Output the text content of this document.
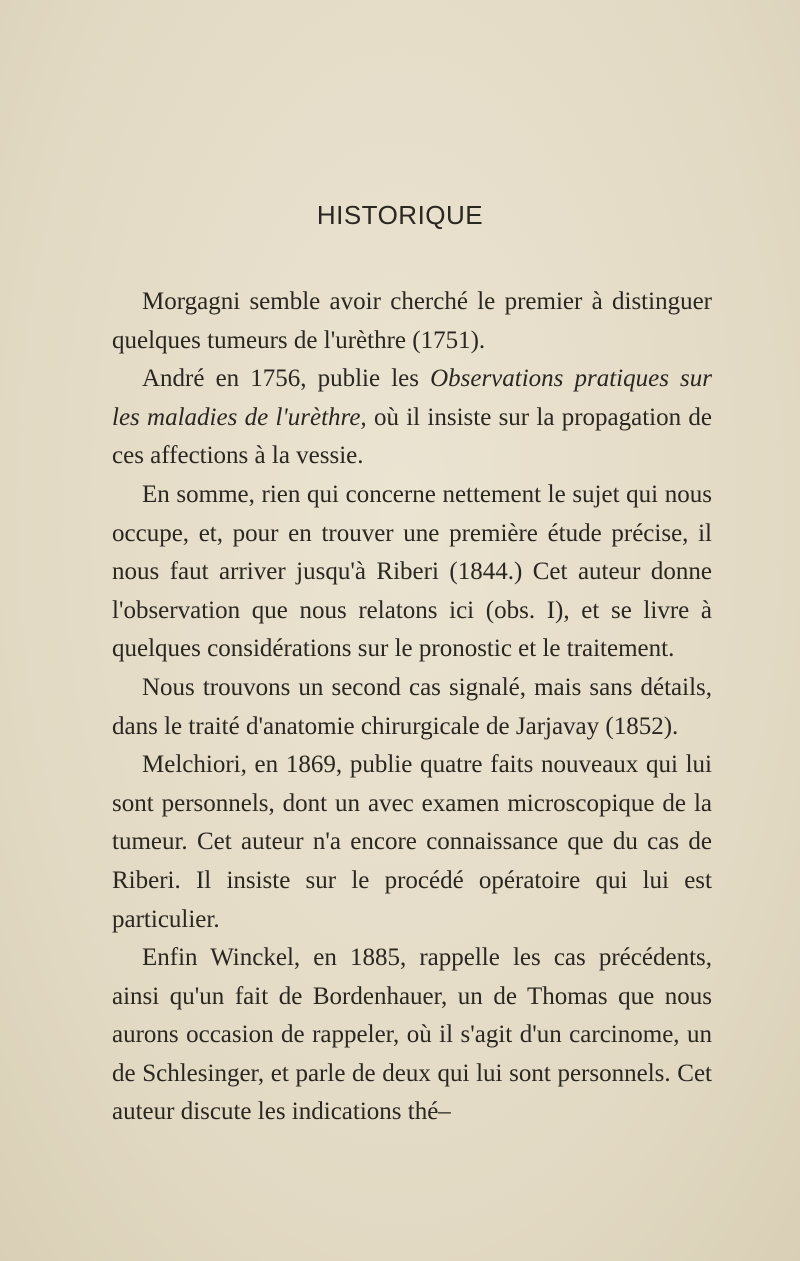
HISTORIQUE

Morgagni semble avoir cherché le premier à distinguer quelques tumeurs de l'urèthre (1751).

André en 1756, publie les Observations pratiques sur les maladies de l'urèthre, où il insiste sur la propagation de ces affections à la vessie.

En somme, rien qui concerne nettement le sujet qui nous occupe, et, pour en trouver une première étude précise, il nous faut arriver jusqu'à Riberi (1844.) Cet auteur donne l'observation que nous relatons ici (obs. I), et se livre à quelques considérations sur le pronostic et le traitement.

Nous trouvons un second cas signalé, mais sans détails, dans le traité d'anatomie chirurgicale de Jarjavay (1852).

Melchiori, en 1869, publie quatre faits nouveaux qui lui sont personnels, dont un avec examen microscopique de la tumeur. Cet auteur n'a encore connaissance que du cas de Riberi. Il insiste sur le procédé opératoire qui lui est particulier.

Enfin Winckel, en 1885, rappelle les cas précédents, ainsi qu'un fait de Bordenhauer, un de Thomas que nous aurons occasion de rappeler, où il s'agit d'un carcinome, un de Schlesinger, et parle de deux qui lui sont personnels. Cet auteur discute les indications thé–
